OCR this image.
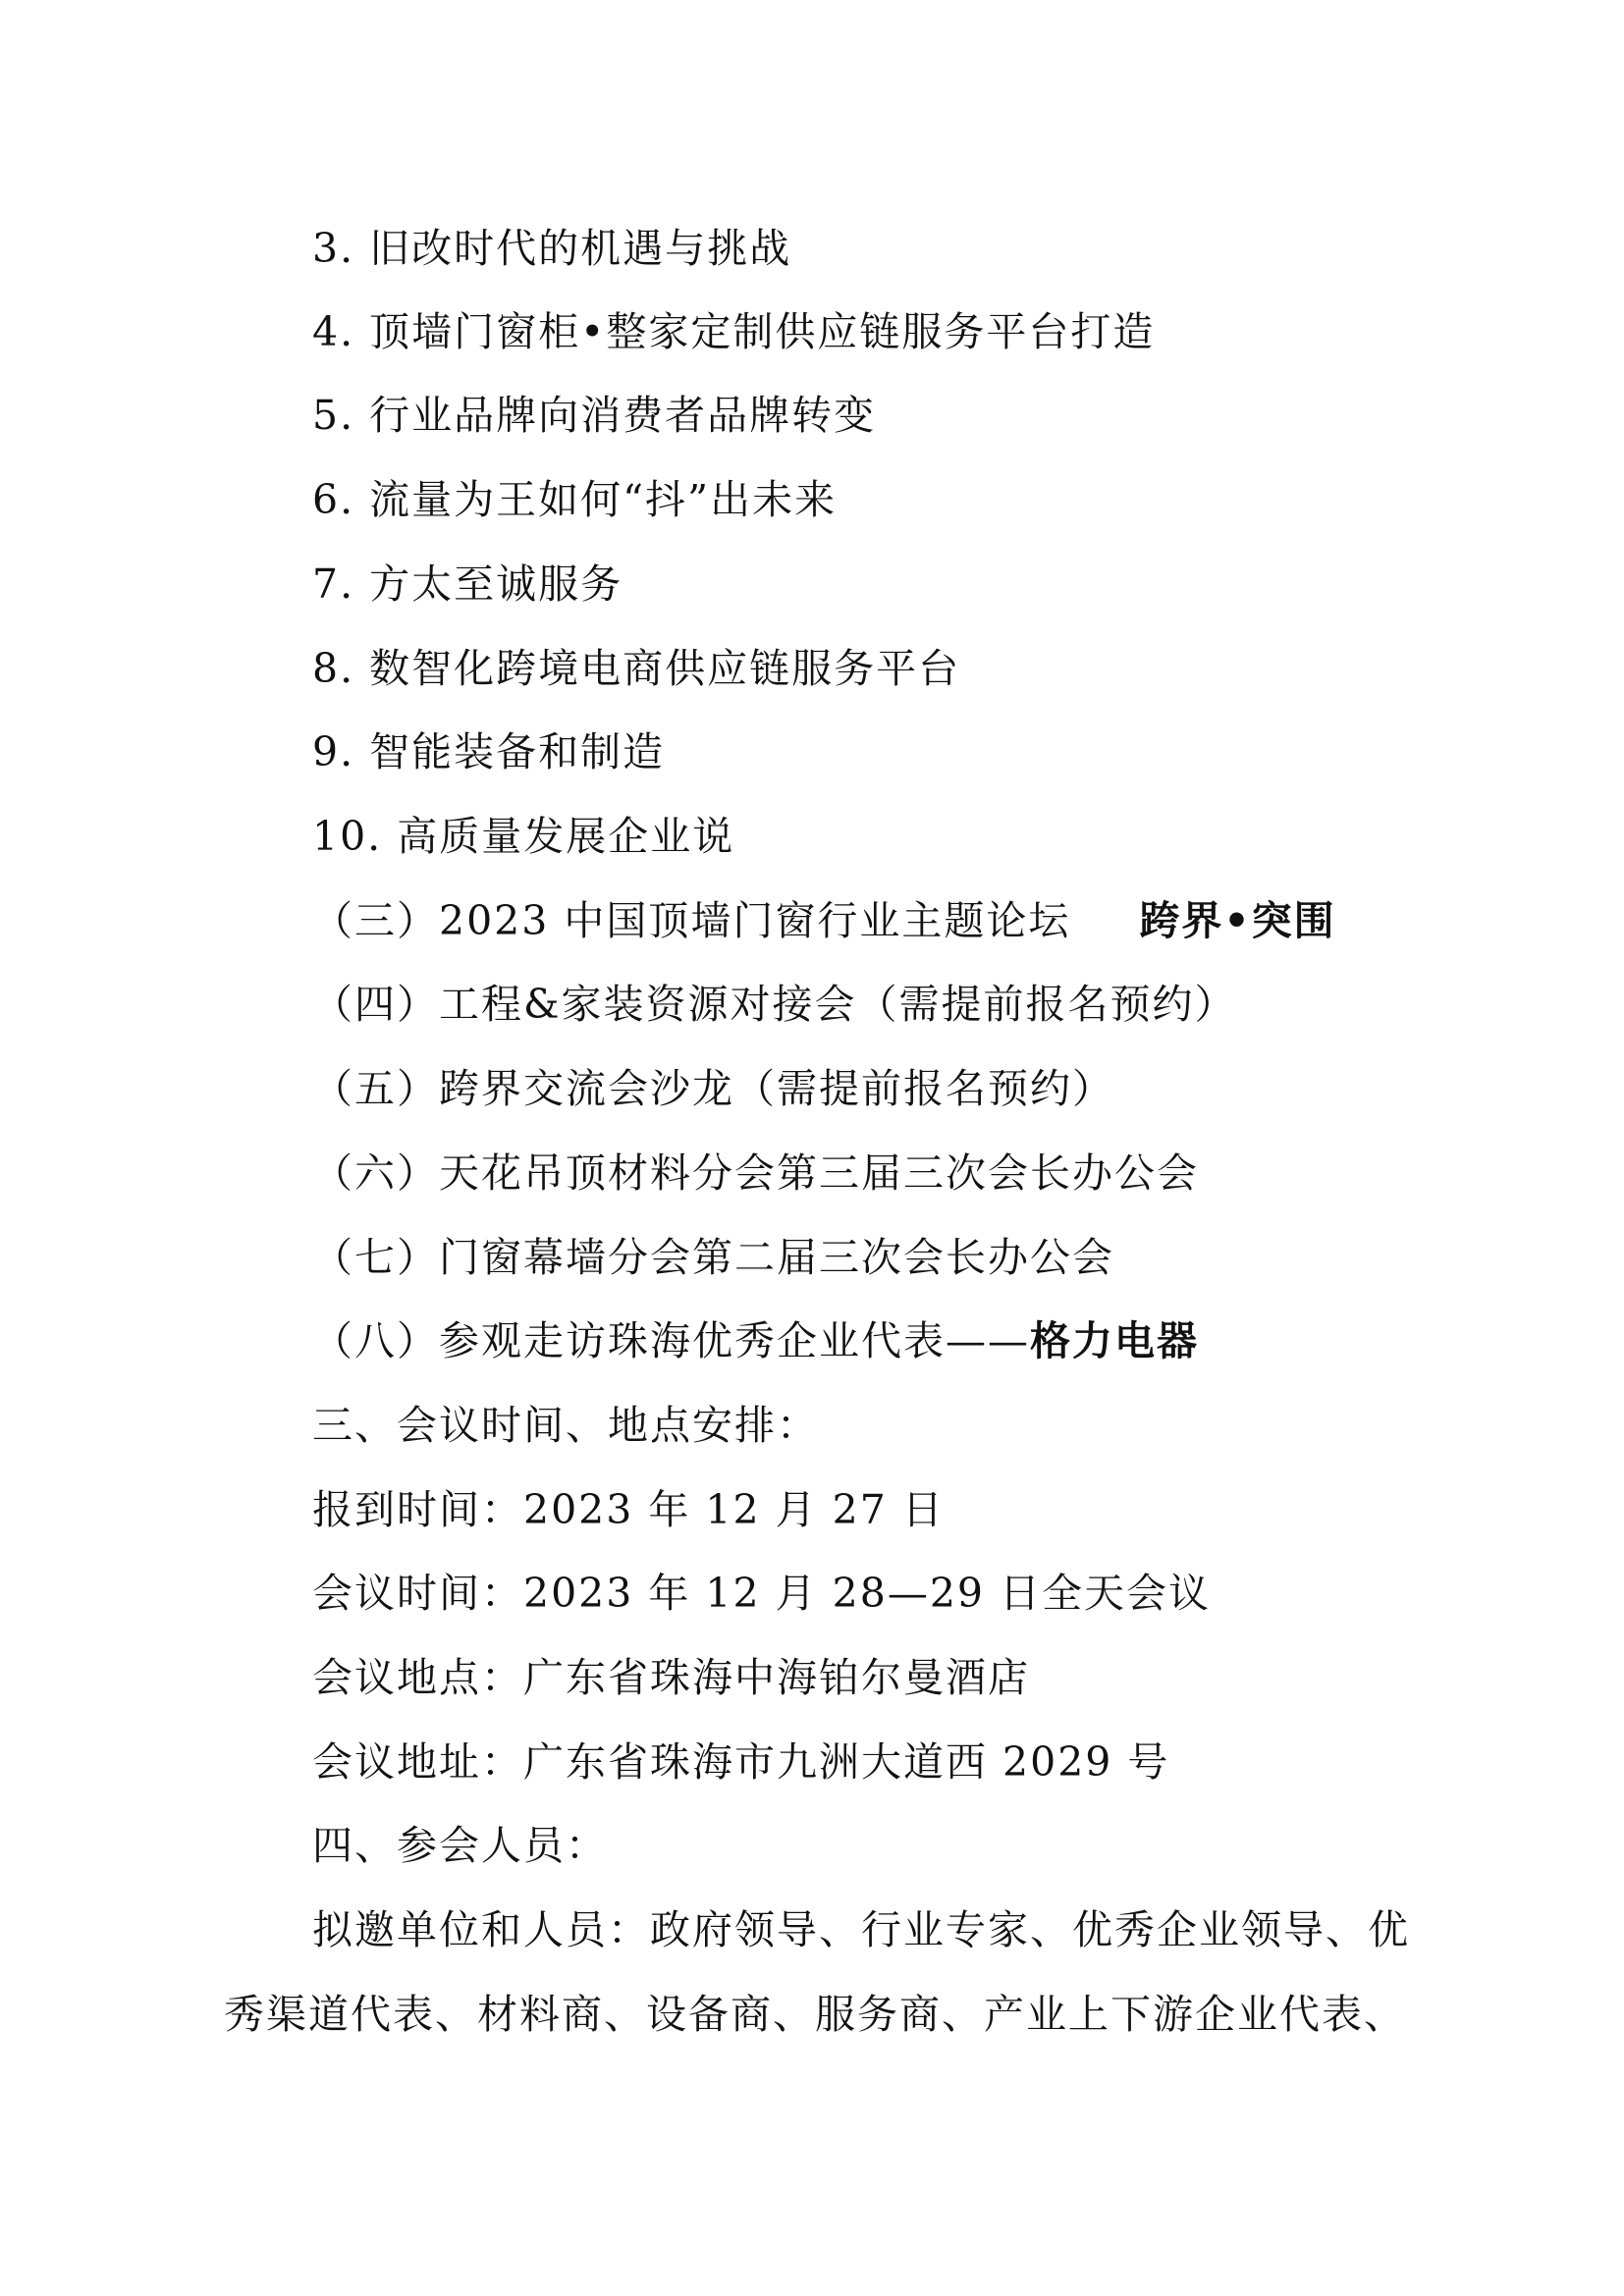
3. 旧改时代的机遇与挑战
4. 顶墙门窗柜•整家定制供应链服务平台打造
5. 行业品牌向消费者品牌转变
6. 流量为王如何“抖”出未来
7. 方太至诚服务
8. 数智化跨境电商供应链服务平台
9. 智能装备和制造
10. 高质量发展企业说
（三）2023 中国顶墙门窗行业主题论坛 跨界•突围
（四）工程&家装资源对接会（需提前报名预约）
（五）跨界交流会沙龙（需提前报名预约）
（六）天花吊顶材料分会第三届三次会长办公会
（七）门窗幕墙分会第二届三次会长办公会
（八）参观走访珠海优秀企业代表——格力电器
三、会议时间、地点安排：
报到时间：2023 年 12 月 27 日
会议时间：2023 年 12 月 28—29 日全天会议
会议地点：广东省珠海中海铂尔曼酒店
会议地址：广东省珠海市九洲大道西 2029 号
四、参会人员：
拟邀单位和人员：政府领导、行业专家、优秀企业领导、优
秀渠道代表、材料商、设备商、服务商、产业上下游企业代表、
